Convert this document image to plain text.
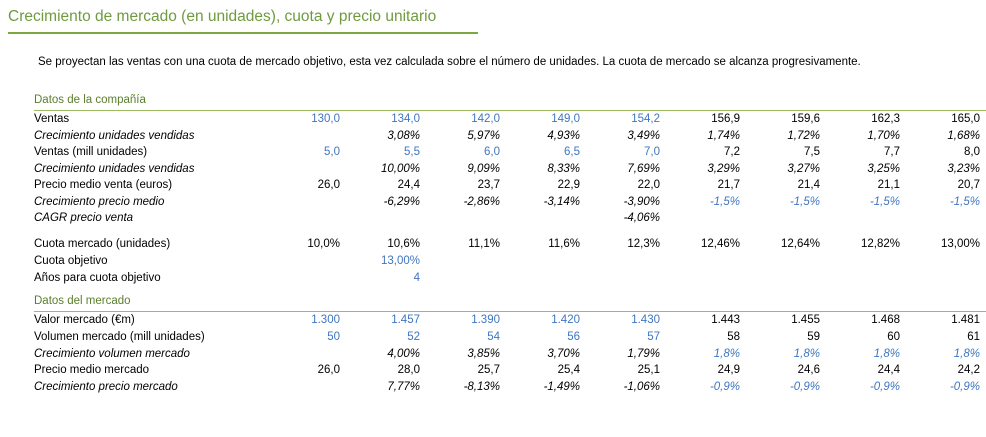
Crecimiento de mercado (en unidades), cuota y precio unitario
Se proyectan las ventas con una cuota de mercado objetivo, esta vez calculada sobre el número de unidades. La cuota de mercado se alcanza progresivamente.
Datos de la compañía									
Ventas	130,0	134,0	142,0	149,0	154,2	156,9	159,6	162,3	165,0
Crecimiento unidades vendidas		3,08%	5,97%	4,93%	3,49%	1,74%	1,72%	1,70%	1,68%
Ventas (mill unidades)	5,0	5,5	6,0	6,5	7,0	7,2	7,5	7,7	8,0
Crecimiento unidades vendidas		10,00%	9,09%	8,33%	7,69%	3,29%	3,27%	3,25%	3,23%
Precio medio venta (euros)	26,0	24,4	23,7	22,9	22,0	21,7	21,4	21,1	20,7
Crecimiento precio medio		-6,29%	-2,86%	-3,14%	-3,90%	-1,5%	-1,5%	-1,5%	-1,5%
CAGR precio venta					-4,06%				

Cuota mercado (unidades)	10,0%	10,6%	11,1%	11,6%	12,3%	12,46%	12,64%	12,82%	13,00%
Cuota objetivo		13,00%							
Años para cuota objetivo		4							
Datos del mercado									
Valor mercado (€m)	1.300	1.457	1.390	1.420	1.430	1.443	1.455	1.468	1.481
Volumen mercado (mill unidades)	50	52	54	56	57	58	59	60	61
Crecimiento volumen mercado		4,00%	3,85%	3,70%	1,79%	1,8%	1,8%	1,8%	1,8%
Precio medio mercado	26,0	28,0	25,7	25,4	25,1	24,9	24,6	24,4	24,2
Crecimiento precio mercado		7,77%	-8,13%	-1,49%	-1,06%	-0,9%	-0,9%	-0,9%	-0,9%
